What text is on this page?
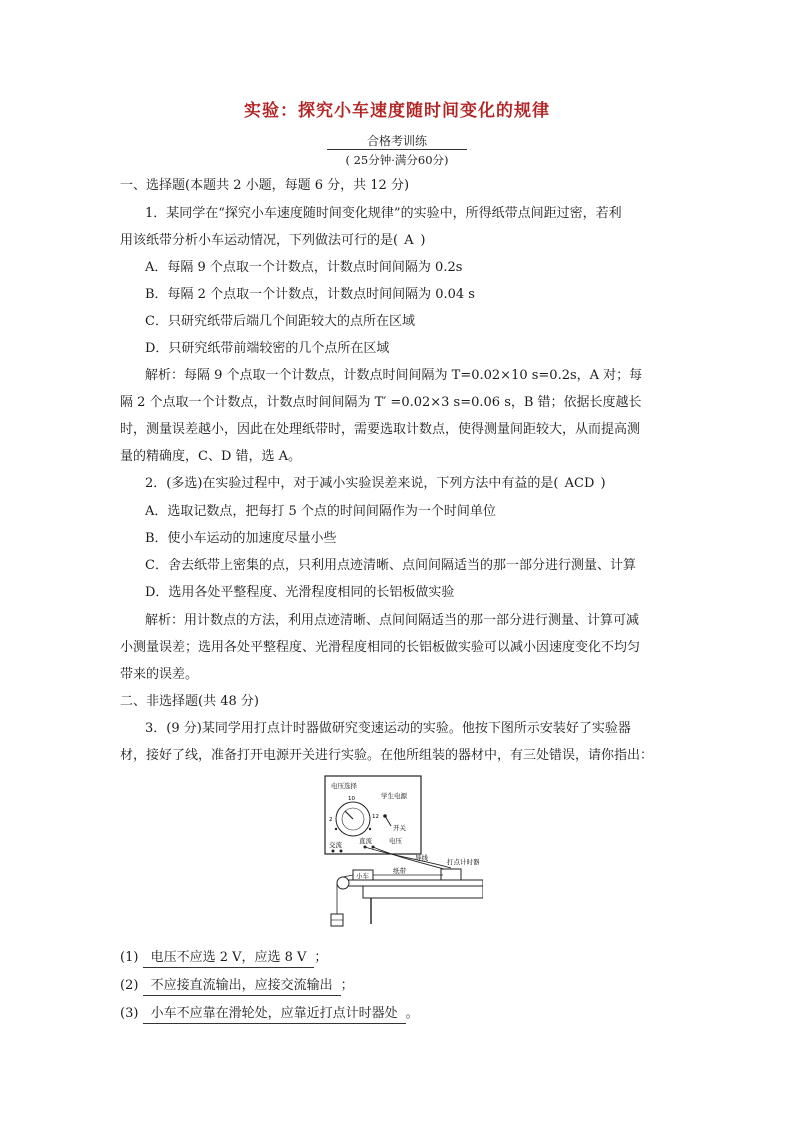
实验：探究小车速度随时间变化的规律
合格考训练
( 25分钟·满分60分)
一、选择题(本题共 2 小题，每题 6 分，共 12 分)
1．某同学在“探究小车速度随时间变化规律”的实验中，所得纸带点间距过密，若利
用该纸带分析小车运动情况，下列做法可行的是( A )
A．每隔 9 个点取一个计数点，计数点时间间隔为 0.2s
B．每隔 2 个点取一个计数点，计数点时间间隔为 0.04 s
C．只研究纸带后端几个间距较大的点所在区域
D．只研究纸带前端较密的几个点所在区域
解析：每隔 9 个点取一个计数点，计数点时间间隔为 T=0.02×10 s=0.2s，A 对；每
隔 2 个点取一个计数点，计数点时间间隔为 T′ =0.02×3 s=0.06 s，B 错；依据长度越长
时，测量误差越小，因此在处理纸带时，需要选取计数点，使得测量间距较大，从而提高测
量的精确度，C、D 错，选 A。
2．(多选)在实验过程中，对于减小实验误差来说，下列方法中有益的是( ACD )
A．选取记数点，把每打 5 个点的时间间隔作为一个时间单位
B．使小车运动的加速度尽量小些
C．舍去纸带上密集的点，只利用点迹清晰、点间间隔适当的那一部分进行测量、计算
D．选用各处平整程度、光滑程度相同的长铝板做实验
解析：用计数点的方法，利用点迹清晰、点间间隔适当的那一部分进行测量、计算可减
小测量误差；选用各处平整程度、光滑程度相同的长铝板做实验可以减小因速度变化不均匀
带来的误差。
二、非选择题(共 48 分)
3．(9 分)某同学用打点计时器做研究变速运动的实验。他按下图所示安装好了实验器
材，接好了线，准备打开电源开关进行实验。在他所组装的器材中，有三处错误，请你指出：
电压选择
学生电源
10
12
2
开关
交流	直流	电压
导线	打点计时器
小车
纸带
(1) 电压不应选 2 V，应选 8 V ；
(2) 不应接直流输出，应接交流输出 ；
(3) 小车不应靠在滑轮处，应靠近打点计时器处 。
